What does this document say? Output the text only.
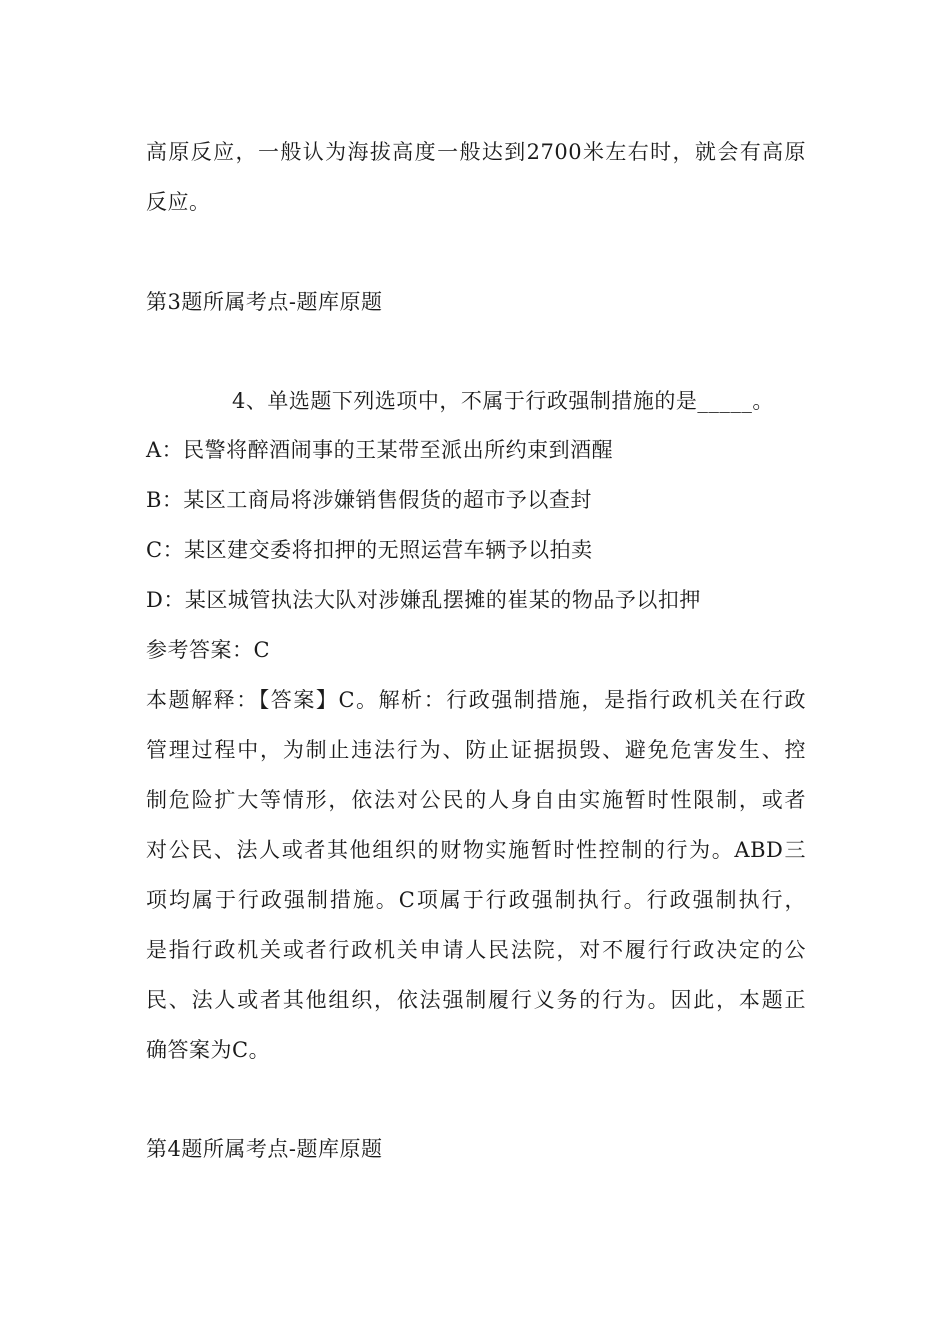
高原反应，一般认为海拔高度一般达到2700米左右时，就会有高原
反应。
第3题所属考点-题库原题
4、单选题下列选项中，不属于行政强制措施的是_____。
A：民警将醉酒闹事的王某带至派出所约束到酒醒
B：某区工商局将涉嫌销售假货的超市予以查封
C：某区建交委将扣押的无照运营车辆予以拍卖
D：某区城管执法大队对涉嫌乱摆摊的崔某的物品予以扣押
参考答案：C
本题解释：【答案】C。解析：行政强制措施，是指行政机关在行政
管理过程中，为制止违法行为、防止证据损毁、避免危害发生、控
制危险扩大等情形，依法对公民的人身自由实施暂时性限制，或者
对公民、法人或者其他组织的财物实施暂时性控制的行为。ABD三
项均属于行政强制措施。C项属于行政强制执行。行政强制执行，
是指行政机关或者行政机关申请人民法院，对不履行行政决定的公
民、法人或者其他组织，依法强制履行义务的行为。因此，本题正
确答案为C。
第4题所属考点-题库原题
